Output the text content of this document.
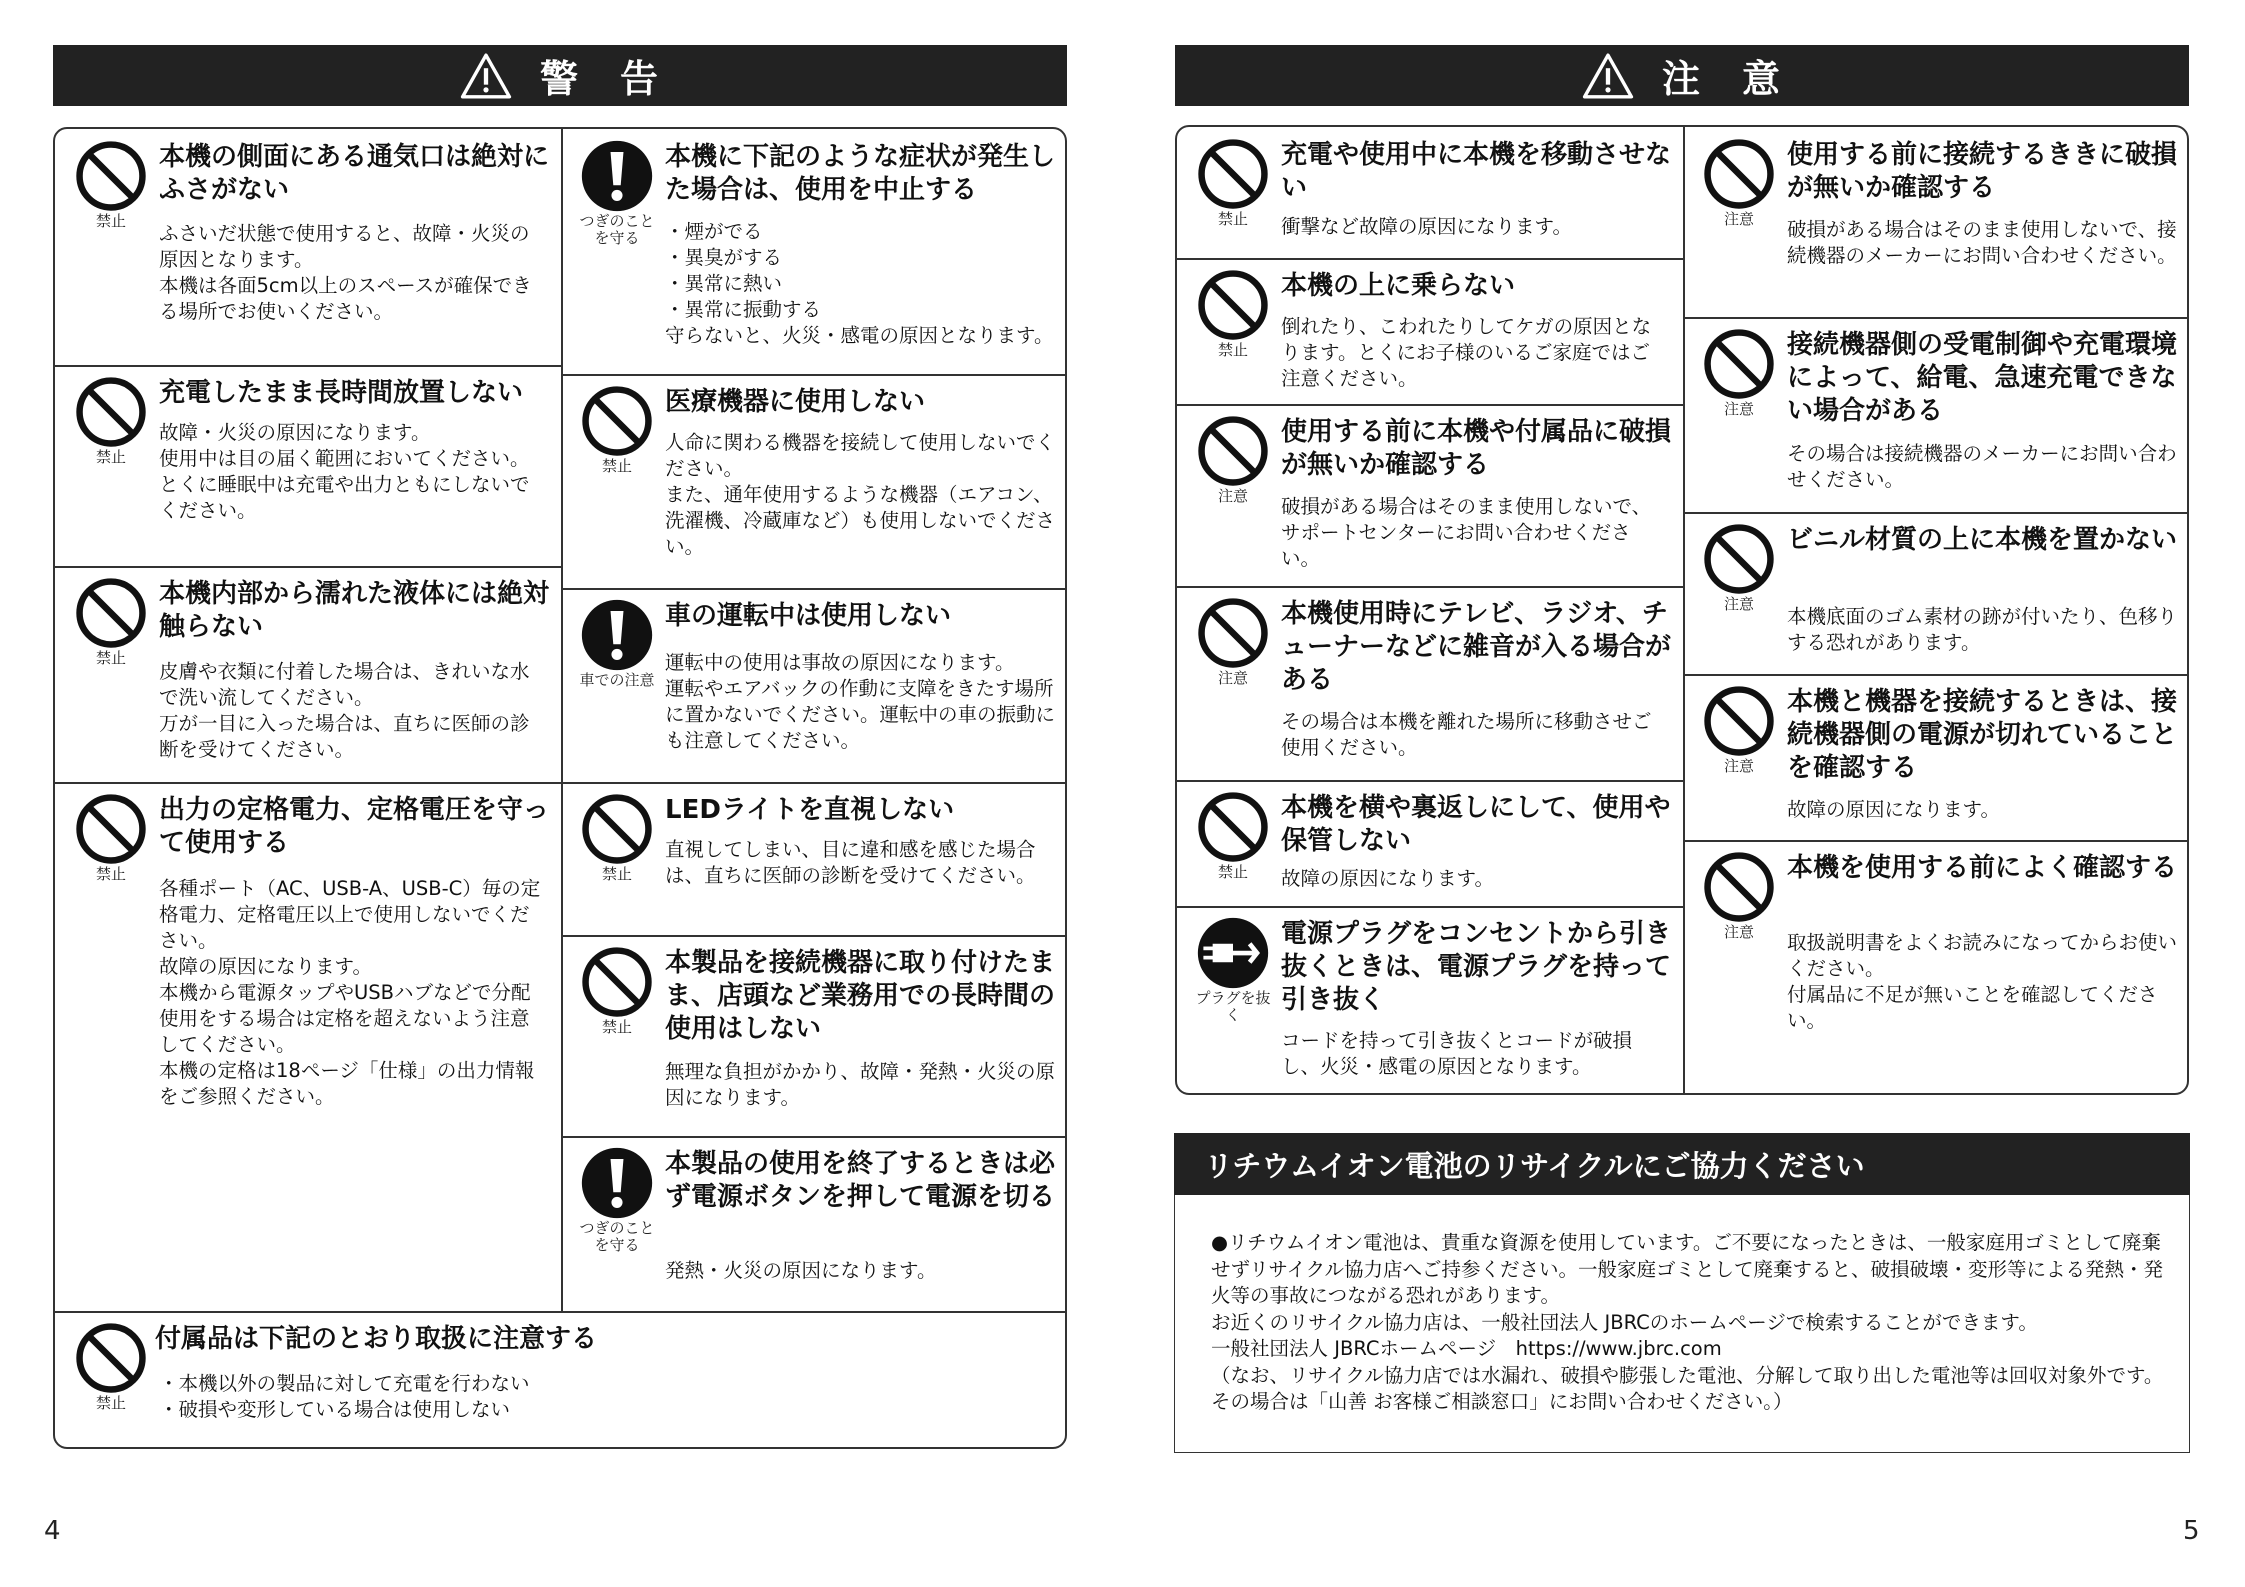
警　告
禁止
本機の側面にある通気口は絶対にふさがない
ふさいだ状態で使用すると、故障・火災の原因となります。
本機は各面5cm以上のスペースが確保できる場所でお使いください。
つぎのことを守る
本機に下記のような症状が発生した場合は、使用を中止する
・煙がでる
・異臭がする
・異常に熱い
・異常に振動する
守らないと、火災・感電の原因となります。
禁止
充電したまま長時間放置しない
故障・火災の原因になります。
使用中は目の届く範囲においてください。とくに睡眠中は充電や出力ともにしないでください。
禁止
医療機器に使用しない
人命に関わる機器を接続して使用しないでください。
また、通年使用するような機器（エアコン、洗濯機、冷蔵庫など）も使用しないでください。
禁止
本機内部から濡れた液体には絶対触らない
皮膚や衣類に付着した場合は、きれいな水で洗い流してください。
万が一目に入った場合は、直ちに医師の診断を受けてください。
車での注意
車の運転中は使用しない
運転中の使用は事故の原因になります。
運転やエアバックの作動に支障をきたす場所に置かないでください。運転中の車の振動にも注意してください。
禁止
出力の定格電力、定格電圧を守って使用する
各種ポート（AC、USB-A、USB-C）毎の定格電力、定格電圧以上で使用しないでください。
故障の原因になります。
本機から電源タップやUSBハブなどで分配使用をする場合は定格を超えないよう注意してください。
本機の定格は18ページ「仕様」の出力情報をご参照ください。
禁止
LEDライトを直視しない
直視してしまい、目に違和感を感じた場合は、直ちに医師の診断を受けてください。
禁止
本製品を接続機器に取り付けたまま、店頭など業務用での長時間の使用はしない
無理な負担がかかり、故障・発熱・火災の原因になります。
つぎのことを守る
本製品の使用を終了するときは必ず電源ボタンを押して電源を切る
発熱・火災の原因になります。
禁止
付属品は下記のとおり取扱に注意する
・本機以外の製品に対して充電を行わない
・破損や変形している場合は使用しない
4
注　意
禁止
充電や使用中に本機を移動させない
衝撃など故障の原因になります。	注意
使用する前に接続するききに破損が無いか確認する
破損がある場合はそのまま使用しないで、接続機器のメーカーにお問い合わせください。
禁止
本機の上に乗らない
倒れたり、こわれたりしてケガの原因となります。とくにお子様のいるご家庭ではご注意ください。
注意
接続機器側の受電制御や充電環境によって、給電、急速充電できない場合がある
その場合は接続機器のメーカーにお問い合わせください。
注意
使用する前に本機や付属品に破損が無いか確認する
破損がある場合はそのまま使用しないで、サポートセンターにお問い合わせください。
注意
ビニル材質の上に本機を置かない
本機底面のゴム素材の跡が付いたり、色移りする恐れがあります。
注意
本機使用時にテレビ、ラジオ、チューナーなどに雑音が入る場合がある
その場合は本機を離れた場所に移動させご使用ください。
注意
本機と機器を接続するときは、接続機器側の電源が切れていることを確認する
故障の原因になります。
禁止
本機を横や裏返しにして、使用や保管しない
故障の原因になります。
注意
本機を使用する前によく確認する
取扱説明書をよくお読みになってからお使いください。
付属品に不足が無いことを確認してください。
プラグを抜く
電源プラグをコンセントから引き抜くときは、電源プラグを持って引き抜く
コードを持って引き抜くとコードが破損し、火災・感電の原因となります。
リチウムイオン電池のリサイクルにご協力ください
●リチウムイオン電池は、貴重な資源を使用しています。ご不要になったときは、一般家庭用ゴミとして廃棄せずリサイクル協力店へご持参ください。一般家庭ゴミとして廃棄すると、破損破壊・変形等による発熱・発火等の事故につながる恐れがあります。
お近くのリサイクル協力店は、一般社団法人 JBRCのホームページで検索することができます。
一般社団法人 JBRCホームページ　https://www.jbrc.com
（なお、リサイクル協力店では水漏れ、破損や膨張した電池、分解して取り出した電池等は回収対象外です。その場合は「山善 お客様ご相談窓口」にお問い合わせください。）
5
